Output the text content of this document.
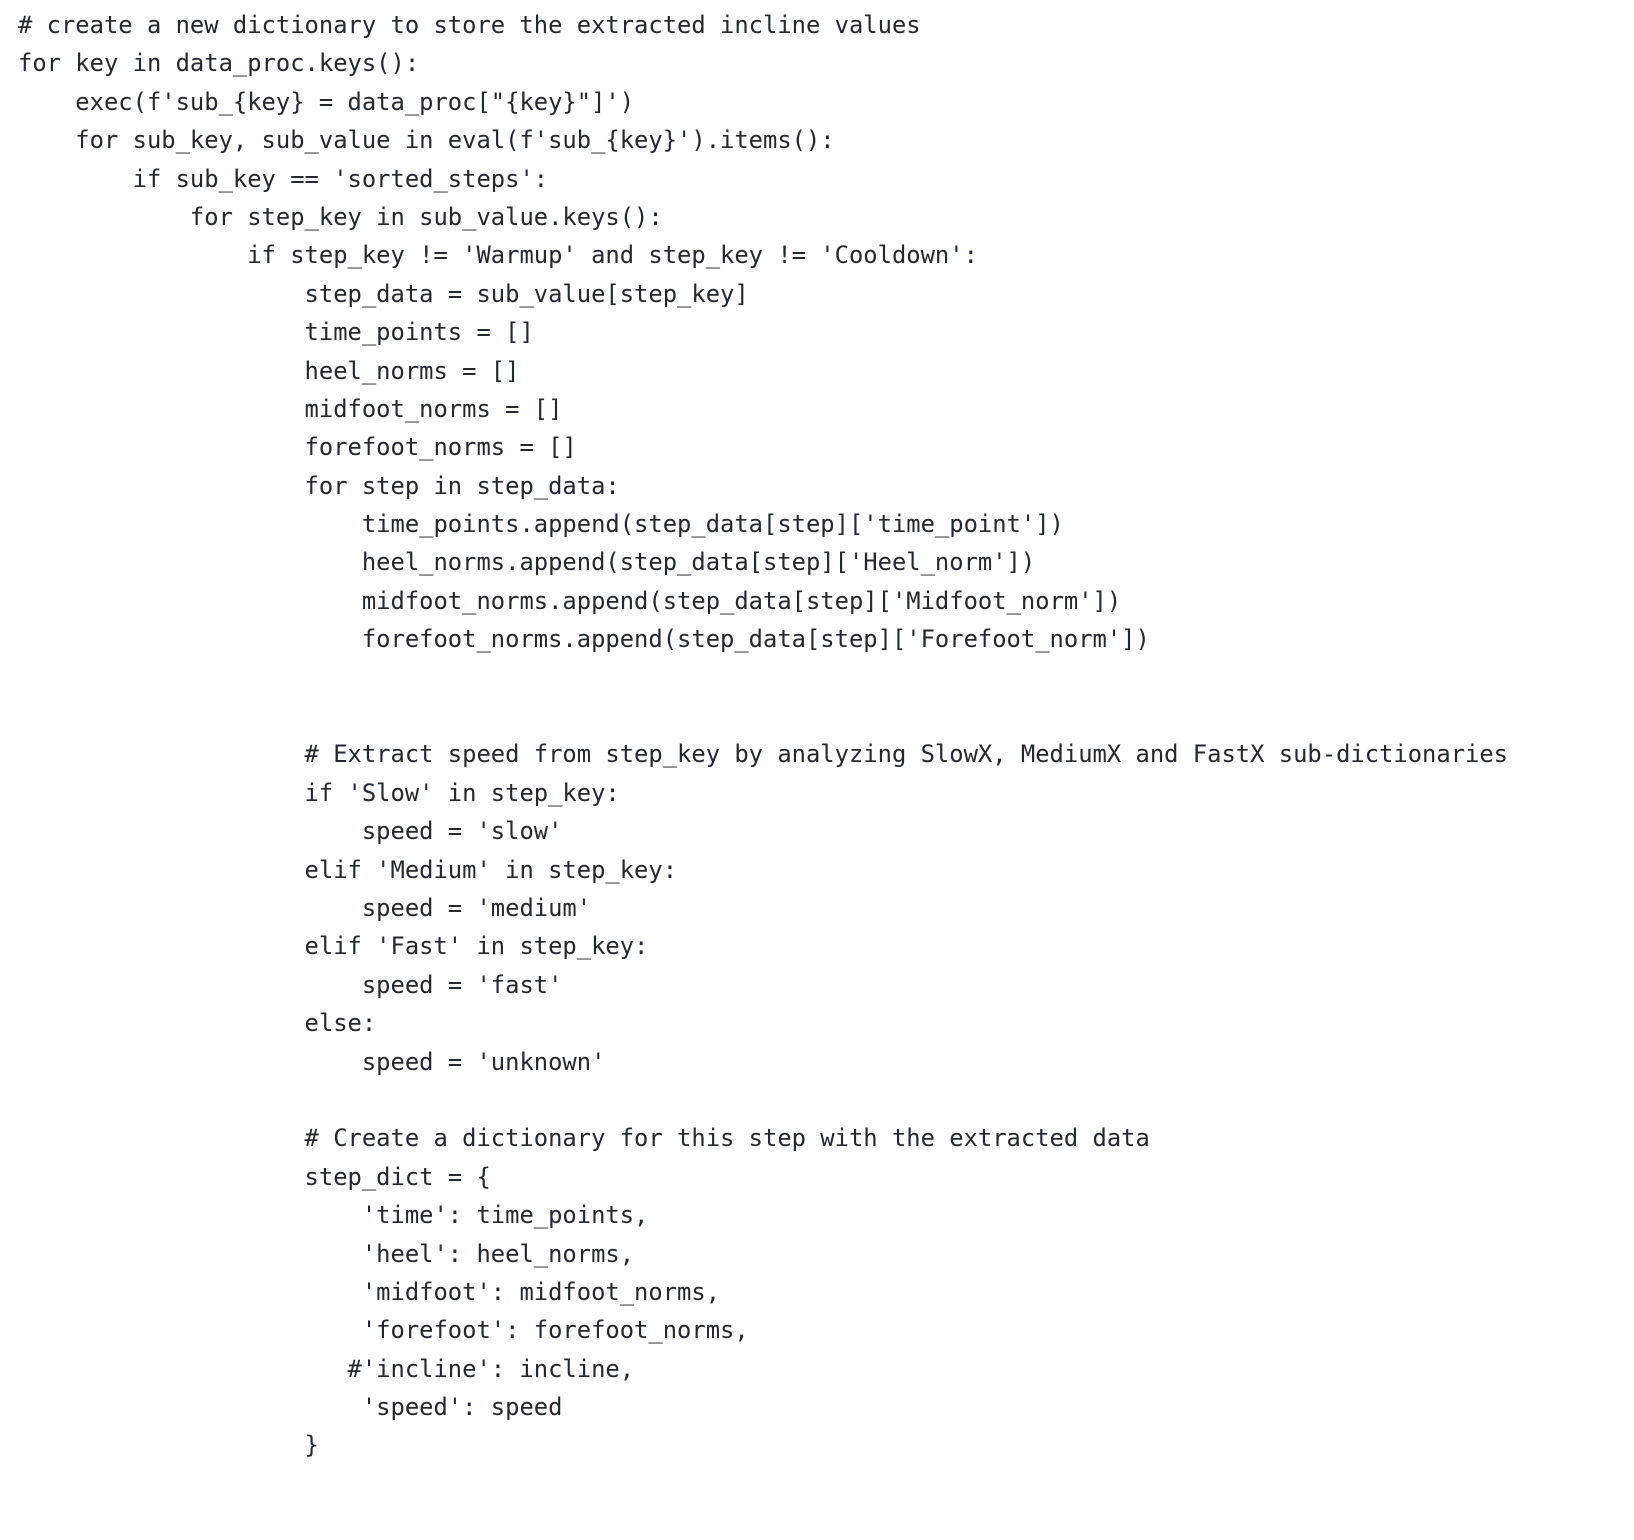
# create a new dictionary to store the extracted incline values
for key in data_proc.keys():
exec(f'sub_{key} = data_proc["{key}"]')
for sub_key, sub_value in eval(f'sub_{key}').items():
if sub_key == 'sorted_steps':
for step_key in sub_value.keys():
if step_key != 'Warmup' and step_key != 'Cooldown':
step_data = sub_value[step_key]
time_points = []
heel_norms = []
midfoot_norms = []
forefoot_norms = []
for step in step_data:
time_points.append(step_data[step]['time_point'])
heel_norms.append(step_data[step]['Heel_norm'])
midfoot_norms.append(step_data[step]['Midfoot_norm'])
forefoot_norms.append(step_data[step]['Forefoot_norm'])
# Extract speed from step_key by analyzing SlowX, MediumX and FastX sub-dictionaries
if 'Slow' in step_key:
speed = 'slow'
elif 'Medium' in step_key:
speed = 'medium'
elif 'Fast' in step_key:
speed = 'fast'
else:
speed = 'unknown'
# Create a dictionary for this step with the extracted data
step_dict = {
'time': time_points,
'heel': heel_norms,
'midfoot': midfoot_norms,
'forefoot': forefoot_norms,
#'incline': incline,
'speed': speed
}
